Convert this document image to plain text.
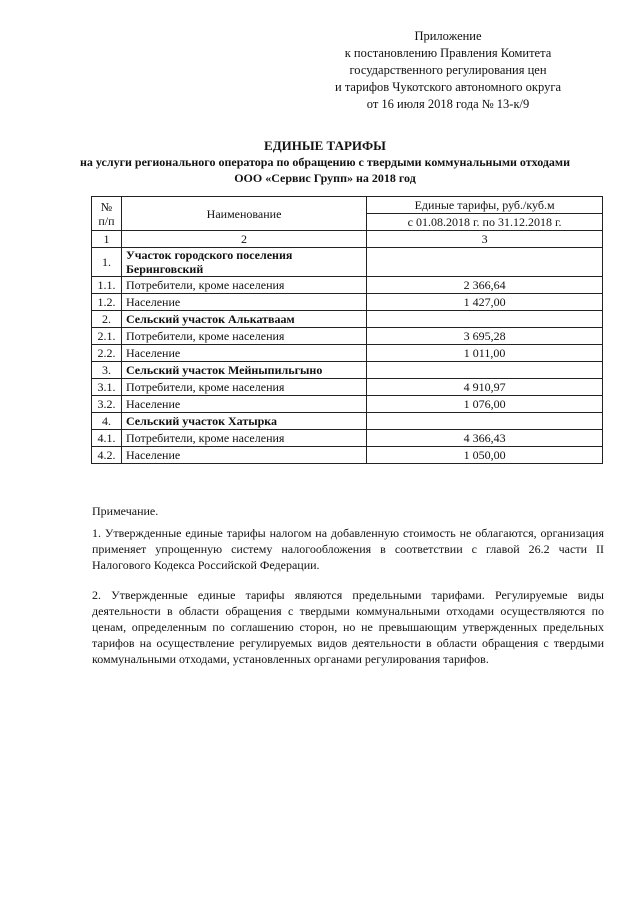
Приложение
к постановлению Правления Комитета
государственного регулирования цен
и тарифов Чукотского автономного округа
от 16 июля 2018 года № 13-к/9
ЕДИНЫЕ ТАРИФЫ
на услуги регионального оператора по обращению с твердыми коммунальными отходами
ООО «Сервис Групп» на 2018 год
№ п/п	Наименование	Единые тарифы, руб./куб.м
		с 01.08.2018 г. по 31.12.2018 г.
1	2	3
1.	Участок городского поселения Беринговский	
1.1.	Потребители, кроме населения	2 366,64
1.2.	Население	1 427,00
2.	Сельский участок Алькатваам	
2.1.	Потребители, кроме населения	3 695,28
2.2.	Население	1 011,00
3.	Сельский участок Мейныпильгыно	
3.1.	Потребители, кроме населения	4 910,97
3.2.	Население	1 076,00
4.	Сельский участок Хатырка	
4.1.	Потребители, кроме населения	4 366,43
4.2.	Население	1 050,00

Примечание.

1. Утвержденные единые тарифы налогом на добавленную стоимость не облагаются, организация применяет упрощенную систему налогообложения в соответствии с главой 26.2 части II Налогового Кодекса Российской Федерации.

2. Утвержденные единые тарифы являются предельными тарифами. Регулируемые виды деятельности в области обращения с твердыми коммунальными отходами осуществляются по ценам, определенным по соглашению сторон, но не превышающим утвержденных предельных тарифов на осуществление регулируемых видов деятельности в области обращения с твердыми коммунальными отходами, установленных органами регулирования тарифов.
